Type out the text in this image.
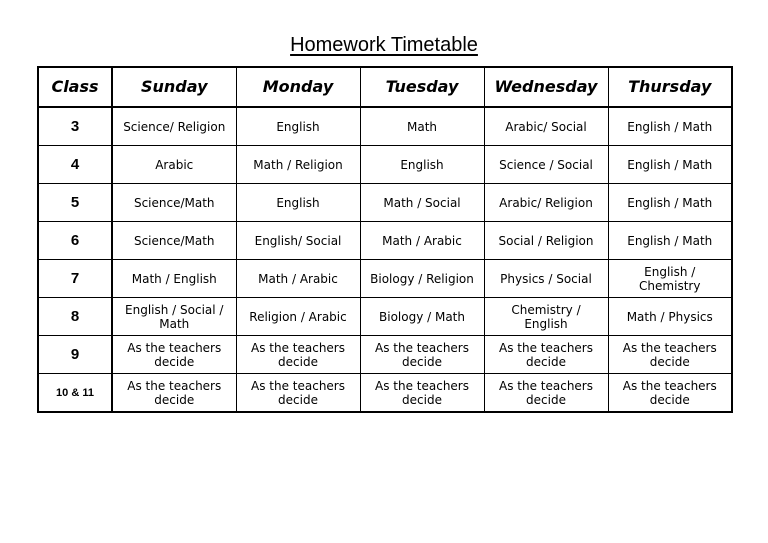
Homework Timetable
Class	Sunday	Monday	Tuesday	Wednesday	Thursday
3	Science/ Religion	English	Math	Arabic/ Social	English / Math
4	Arabic	Math / Religion	English	Science / Social	English / Math
5	Science/Math	English	Math / Social	Arabic/ Religion	English / Math
6	Science/Math	English/ Social	Math / Arabic	Social / Religion	English / Math
7	Math / English	Math / Arabic	Biology / Religion	Physics / Social	English / Chemistry
8	English / Social / Math	Religion / Arabic	Biology / Math	Chemistry / English	Math / Physics
9	As the teachers decide	As the teachers decide	As the teachers decide	As the teachers decide	As the teachers decide
10 & 11	As the teachers decide	As the teachers decide	As the teachers decide	As the teachers decide	As the teachers decide
